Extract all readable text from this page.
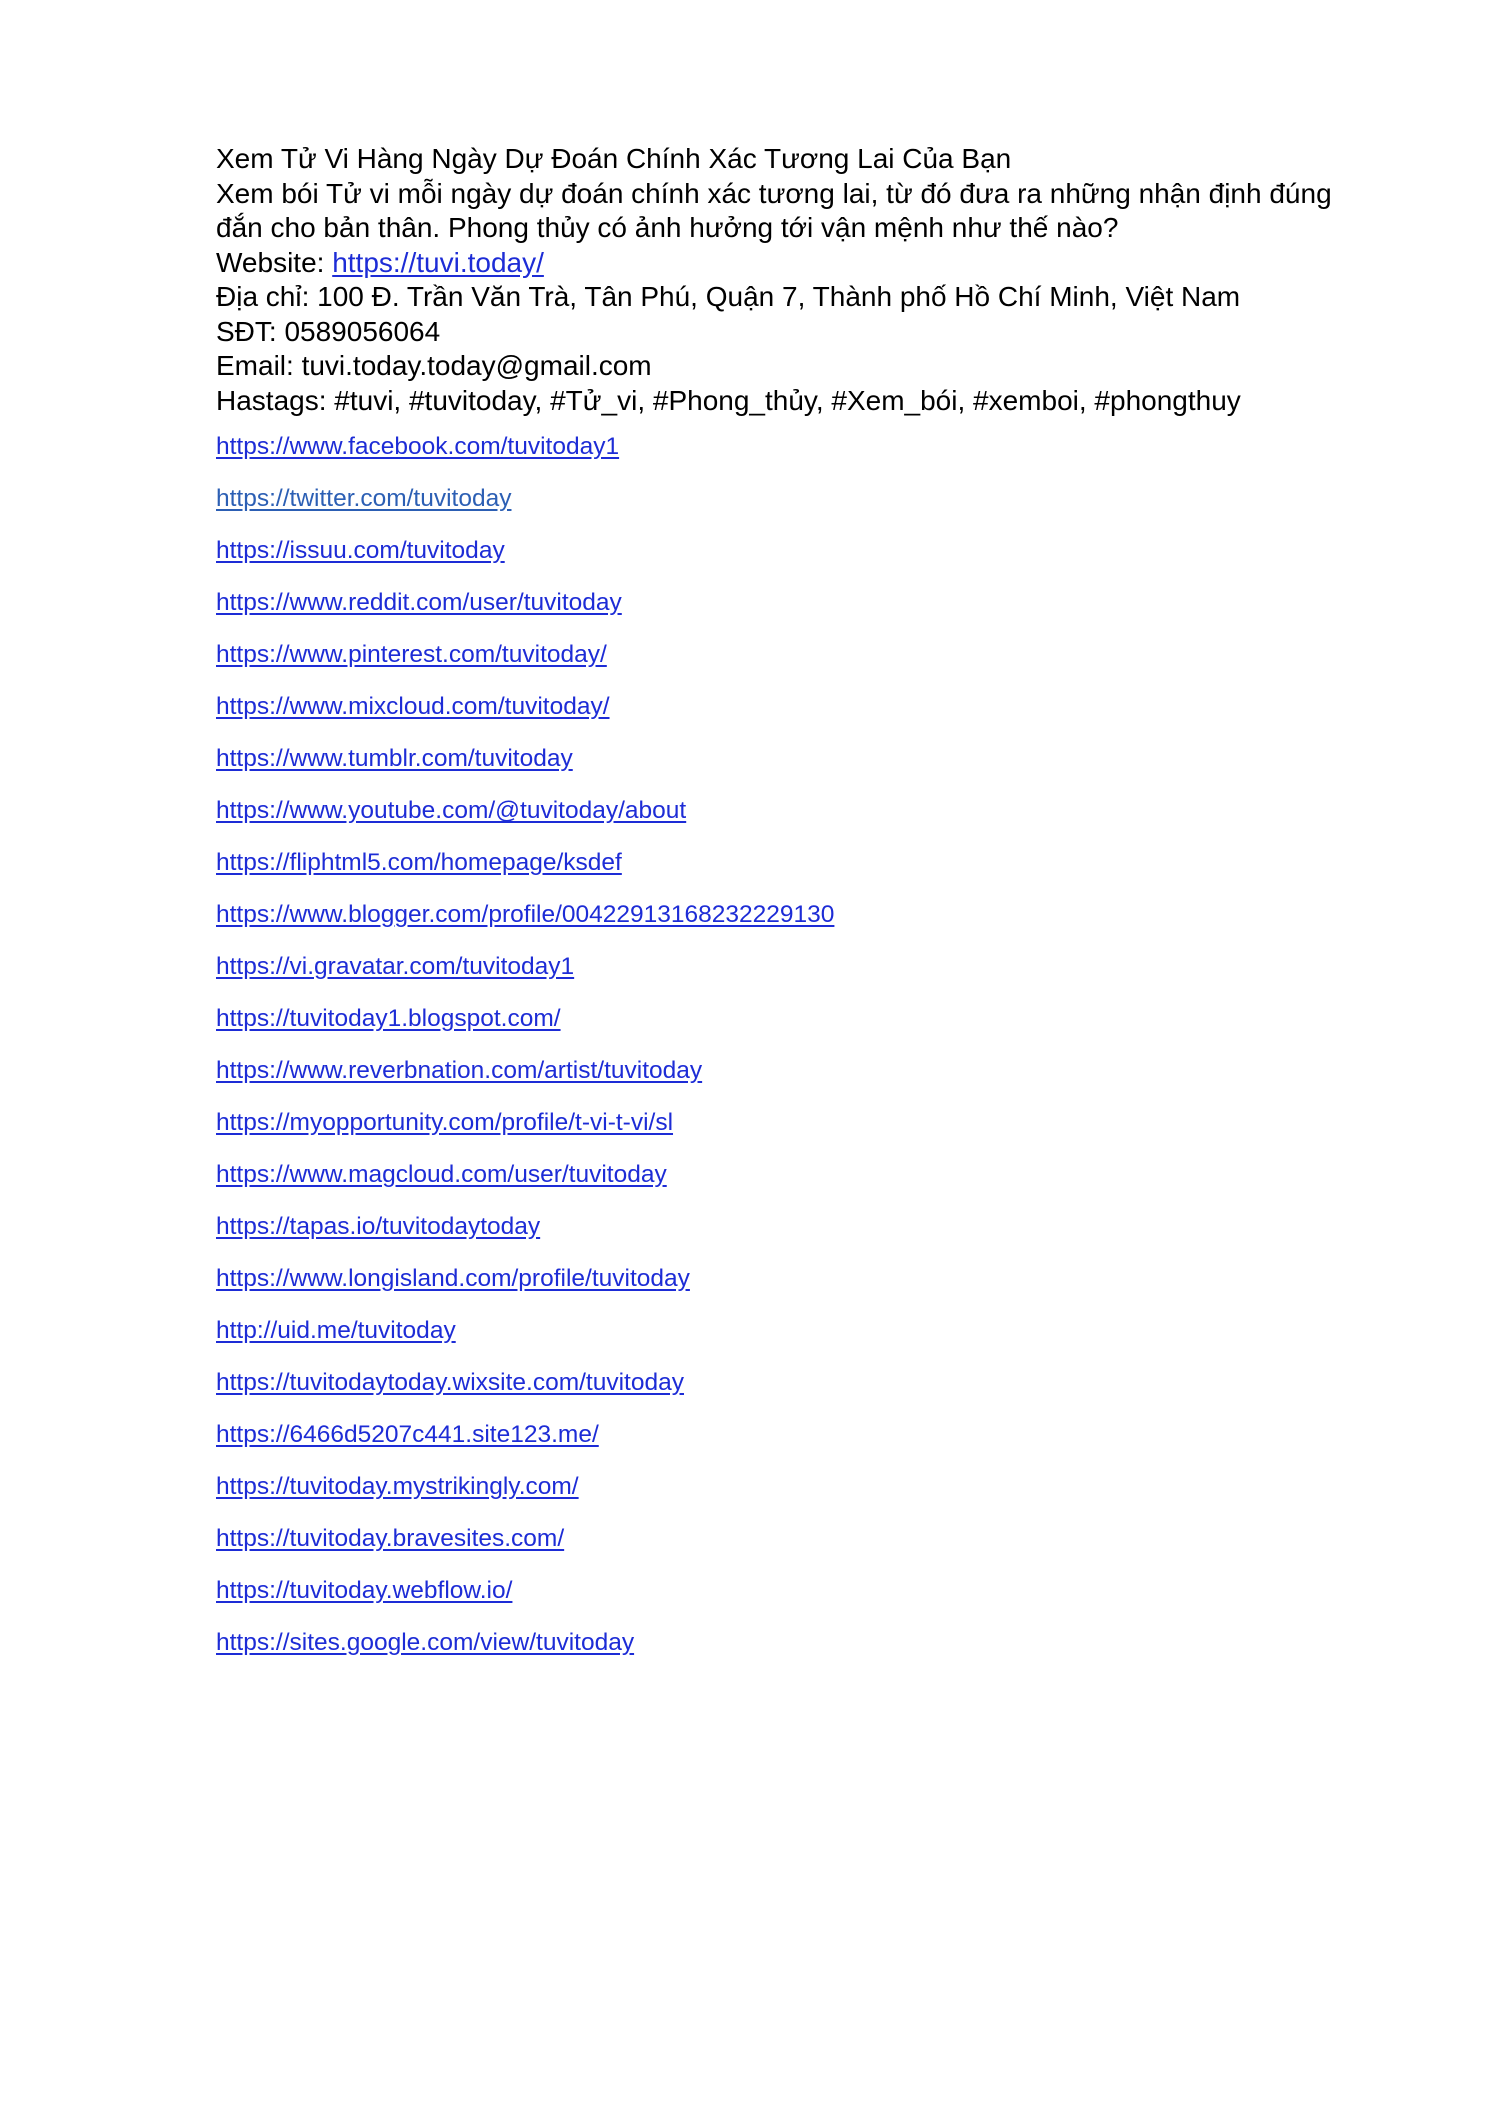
Xem Tử Vi Hàng Ngày Dự Đoán Chính Xác Tương Lai Của Bạn
Xem bói Tử vi mỗi ngày dự đoán chính xác tương lai, từ đó đưa ra những nhận định đúng đắn cho bản thân. Phong thủy có ảnh hưởng tới vận mệnh như thế nào?
Website: https://tuvi.today/
Địa chỉ: 100 Đ. Trần Văn Trà, Tân Phú, Quận 7, Thành phố Hồ Chí Minh, Việt Nam
SĐT: 0589056064
Email: tuvi.today.today@gmail.com
Hastags: #tuvi, #tuvitoday, #Tử_vi, #Phong_thủy, #Xem_bói, #xemboi, #phongthuy
https://www.facebook.com/tuvitoday1
https://twitter.com/tuvitoday
https://issuu.com/tuvitoday
https://www.reddit.com/user/tuvitoday
https://www.pinterest.com/tuvitoday/
https://www.mixcloud.com/tuvitoday/
https://www.tumblr.com/tuvitoday
https://www.youtube.com/@tuvitoday/about
https://fliphtml5.com/homepage/ksdef
https://www.blogger.com/profile/00422913168232229130
https://vi.gravatar.com/tuvitoday1
https://tuvitoday1.blogspot.com/
https://www.reverbnation.com/artist/tuvitoday
https://myopportunity.com/profile/t-vi-t-vi/sl
https://www.magcloud.com/user/tuvitoday
https://tapas.io/tuvitodaytoday
https://www.longisland.com/profile/tuvitoday
http://uid.me/tuvitoday
https://tuvitodaytoday.wixsite.com/tuvitoday
https://6466d5207c441.site123.me/
https://tuvitoday.mystrikingly.com/
https://tuvitoday.bravesites.com/
https://tuvitoday.webflow.io/
https://sites.google.com/view/tuvitoday
